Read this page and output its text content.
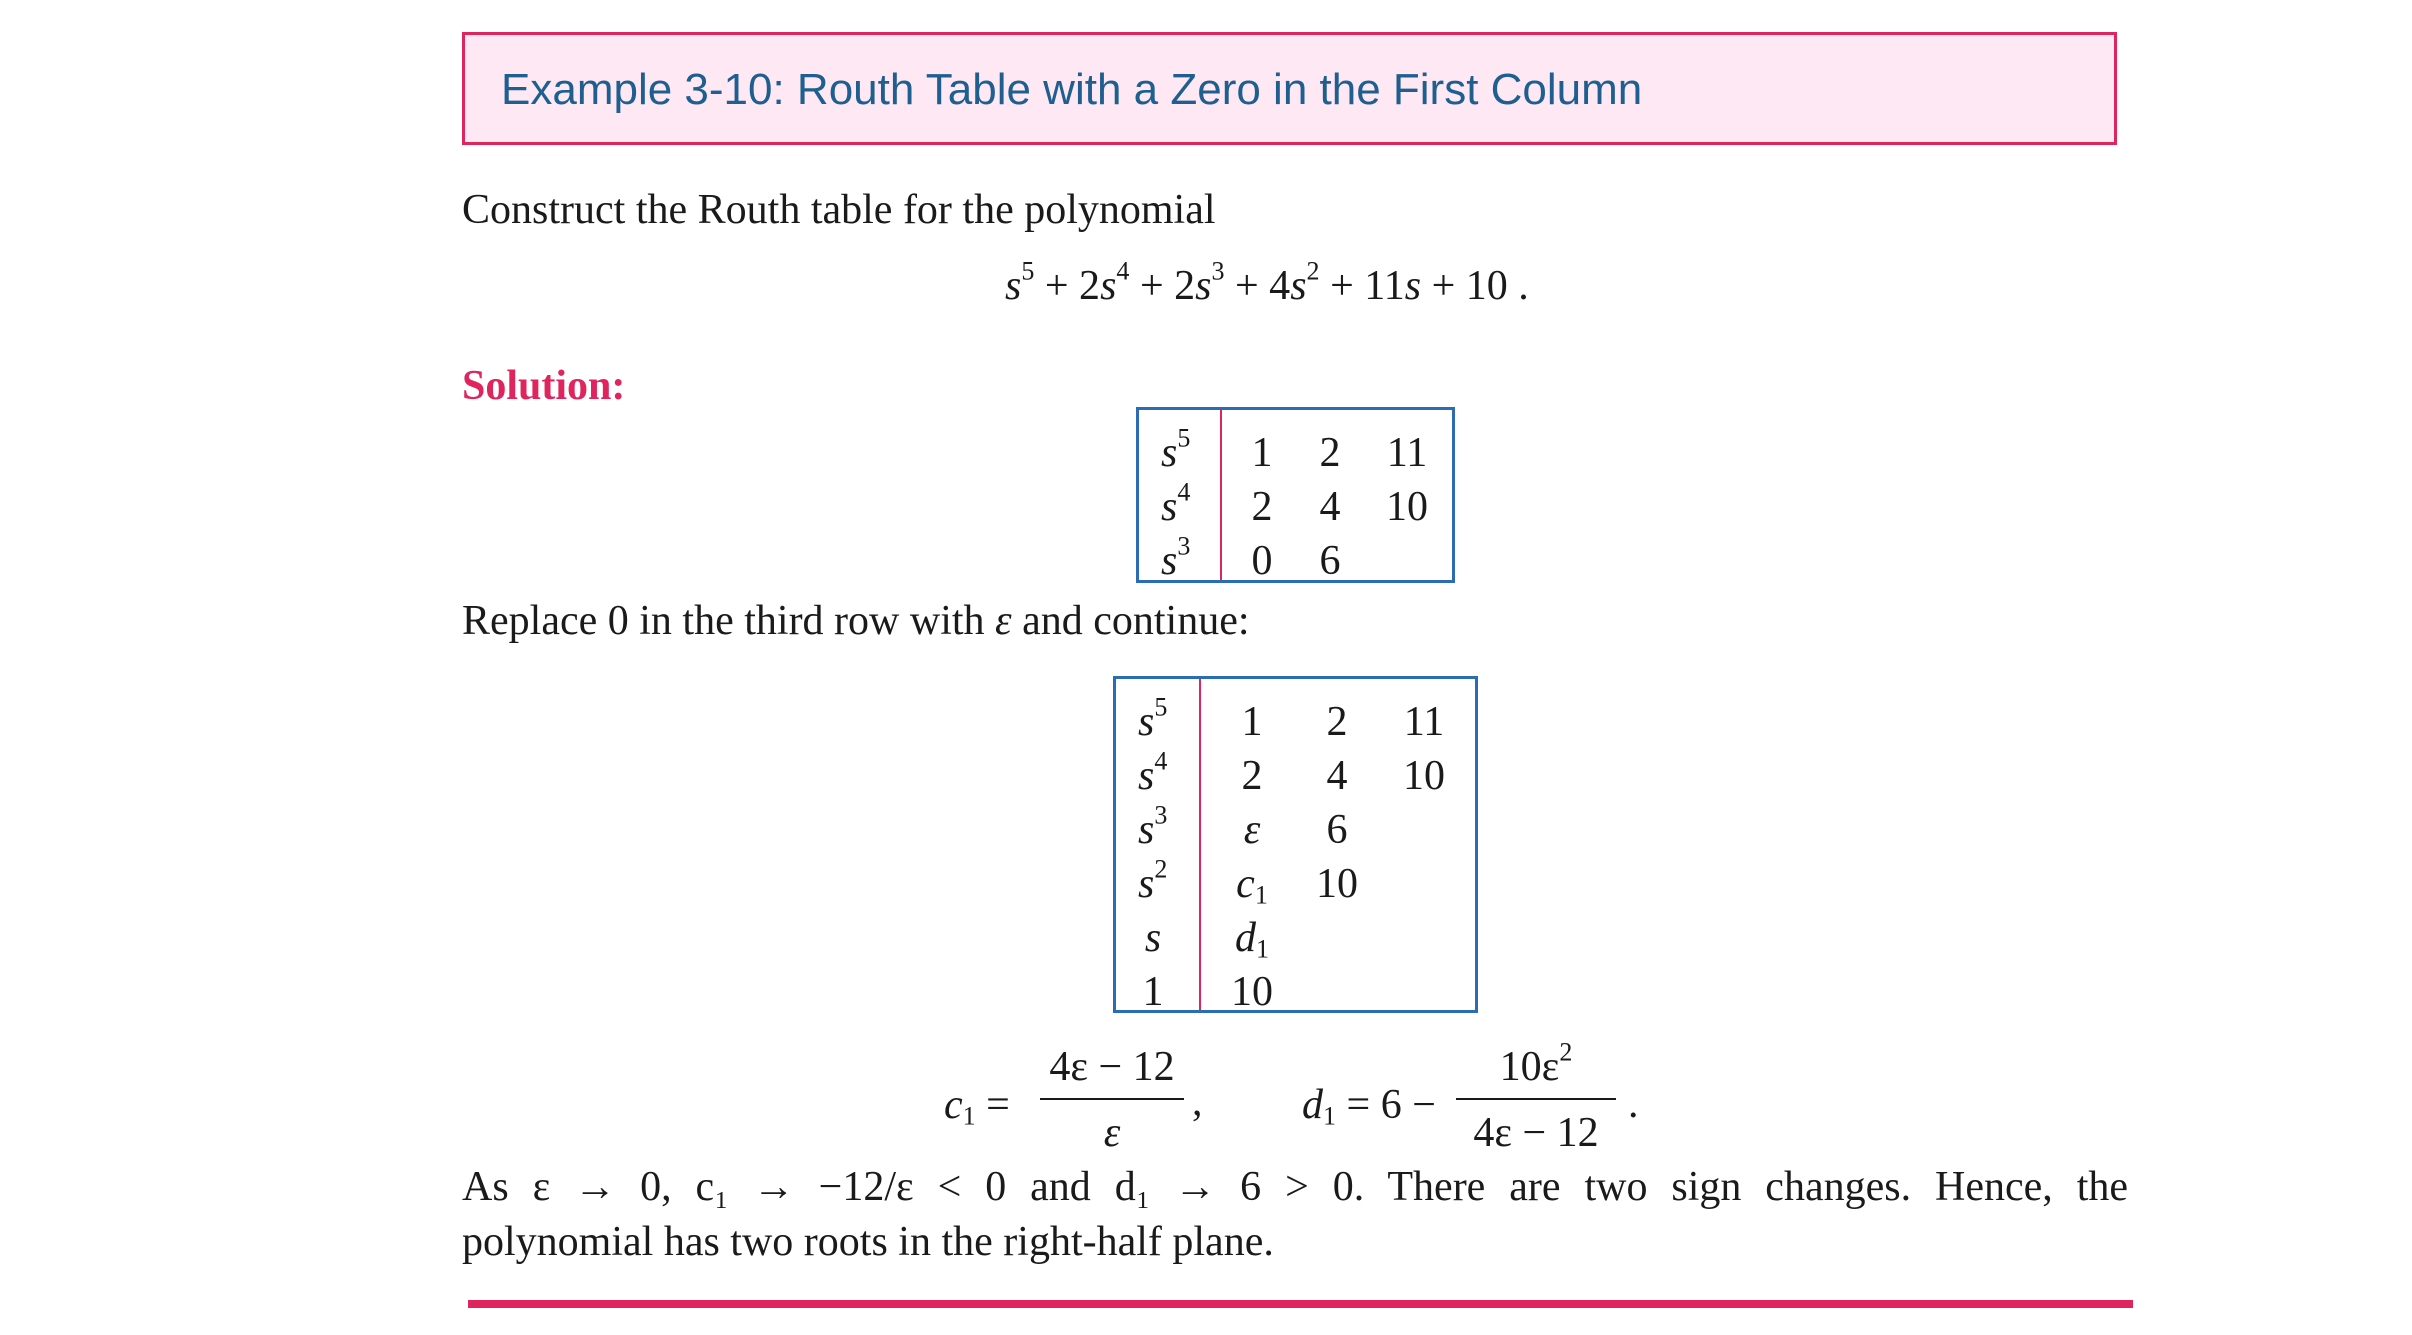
Example 3-10: Routh Table with a Zero in the First Column
Construct the Routh table for the polynomial
$s^5 + 2s^4 + 2s^3 + 4s^2 + 11s + 10$ .
Solution:
$s^5$ 1 2 11
$s^4$ 2 4 10
$s^3$ 0 6
Replace 0 in the third row with ε and continue:
$s^5$	1	2	11
$s^4$	2	4	10
$s^3$	ε	6
$s^2$ $c_1$ 10
s $d_1$
1 10
$c_1$ =
4ε − 12
ε
, $d_1 = 6$ −
$10\varepsilon^2$
4ε − 12
.
As ε → 0, c₁ → −12/ε < 0 and d₁ → 6 > 0. There are two sign changes. Hence, the
polynomial has two roots in the right-half plane.
